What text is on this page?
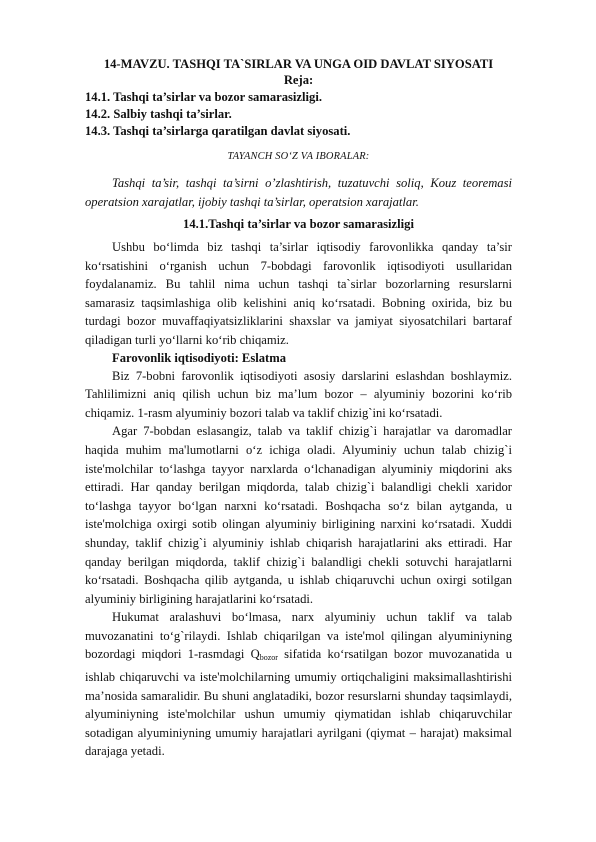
14-MAVZU. TASHQI TA`SIRLAR VA UNGA OID DAVLAT SIYOSATI

Reja:

14.1. Tashqi ta’sirlar va bozor samarasizligi.

14.2. Salbiy tashqi ta’sirlar.

14.3. Tashqi ta’sirlarga qaratilgan davlat siyosati.

TAYANCH SO‘Z VA IBORALAR:

Tashqi ta’sir, tashqi ta’sirni o’zlashtirish, tuzatuvchi soliq, Kouz teoremasi operatsion xarajatlar, ijobiy tashqi ta’sirlar, operatsion xarajatlar.

14.1.Tashqi ta’sirlar va bozor samarasizligi

Ushbu bo‘limda biz tashqi ta’sirlar iqtisodiy farovonlikka qanday ta’sir ko‘rsatishini o‘rganish uchun 7-bobdagi farovonlik iqtisodiyoti usullaridan foydalanamiz. Bu tahlil nima uchun tashqi ta`sirlar bozorlarning resurslarni samarasiz taqsimlashiga olib kelishini aniq ko‘rsatadi. Bobning oxirida, biz bu turdagi bozor muvaffaqiyatsizliklarini shaxslar va jamiyat siyosatchilari bartaraf qiladigan turli yo‘llarni ko‘rib chiqamiz.

Farovonlik iqtisodiyoti: Eslatma

Biz 7-bobni farovonlik iqtisodiyoti asosiy darslarini eslashdan boshlaymiz. Tahlilimizni aniq qilish uchun biz ma’lum bozor – alyuminiy bozorini ko‘rib chiqamiz. 1-rasm alyuminiy bozori talab va taklif chizig`ini ko‘rsatadi.

Agar 7-bobdan eslasangiz, talab va taklif chizig`i harajatlar va daromadlar haqida muhim ma'lumotlarni o‘z ichiga oladi. Alyuminiy uchun talab chizig`i iste'molchilar to‘lashga tayyor narxlarda o‘lchanadigan alyuminiy miqdorini aks ettiradi. Har qanday berilgan miqdorda, talab chizig`i balandligi chekli xaridor to‘lashga tayyor bo‘lgan narxni ko‘rsatadi. Boshqacha so‘z bilan aytganda, u iste'molchiga oxirgi sotib olingan alyuminiy birligining narxini ko‘rsatadi. Xuddi shunday, taklif chizig`i alyuminiy ishlab chiqarish harajatlarini aks ettiradi. Har qanday berilgan miqdorda, taklif chizig`i balandligi chekli sotuvchi harajatlarni ko‘rsatadi. Boshqacha qilib aytganda, u ishlab chiqaruvchi uchun oxirgi sotilgan alyuminiy birligining harajatlarini ko‘rsatadi.

Hukumat aralashuvi bo‘lmasa, narx alyuminiy uchun taklif va talab muvozanatini to‘g`rilaydi. Ishlab chiqarilgan va iste'mol qilingan alyuminiyning bozordagi miqdori 1-rasmdagi $Q_{bozor}$ sifatida ko‘rsatilgan bozor muvozanatida u ishlab chiqaruvchi va iste'molchilarning umumiy ortiqchaligini maksimallashtirishi ma’nosida samaralidir. Bu shuni anglatadiki, bozor resurslarni shunday taqsimlaydi, alyuminiyning iste'molchilar ushun umumiy qiymatidan ishlab chiqaruvchilar sotadigan alyuminiyning umumiy harajatlari ayrilgani (qiymat – harajat) maksimal darajaga yetadi.
